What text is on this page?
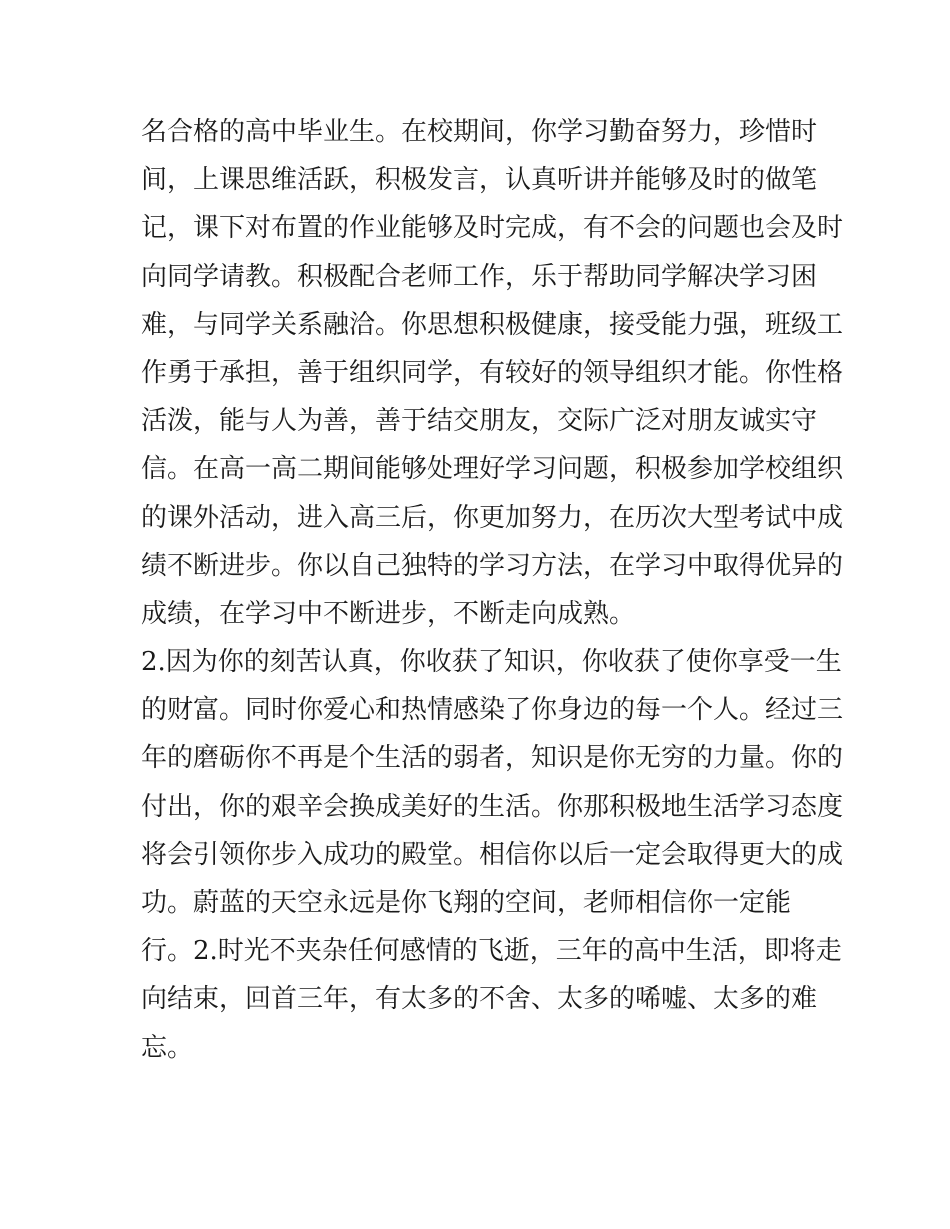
名合格的高中毕业生。在校期间，你学习勤奋努力，珍惜时
间，上课思维活跃，积极发言，认真听讲并能够及时的做笔
记，课下对布置的作业能够及时完成，有不会的问题也会及时
向同学请教。积极配合老师工作，乐于帮助同学解决学习困
难，与同学关系融洽。你思想积极健康，接受能力强，班级工
作勇于承担，善于组织同学，有较好的领导组织才能。你性格
活泼，能与人为善，善于结交朋友，交际广泛对朋友诚实守
信。在高一高二期间能够处理好学习问题，积极参加学校组织
的课外活动，进入高三后，你更加努力，在历次大型考试中成
绩不断进步。你以自己独特的学习方法，在学习中取得优异的
成绩，在学习中不断进步，不断走向成熟。
2.因为你的刻苦认真，你收获了知识，你收获了使你享受一生
的财富。同时你爱心和热情感染了你身边的每一个人。经过三
年的磨砺你不再是个生活的弱者，知识是你无穷的力量。你的
付出，你的艰辛会换成美好的生活。你那积极地生活学习态度
将会引领你步入成功的殿堂。相信你以后一定会取得更大的成
功。蔚蓝的天空永远是你飞翔的空间，老师相信你一定能
行。2.时光不夹杂任何感情的飞逝，三年的高中生活，即将走
向结束，回首三年，有太多的不舍、太多的唏嘘、太多的难
忘。
